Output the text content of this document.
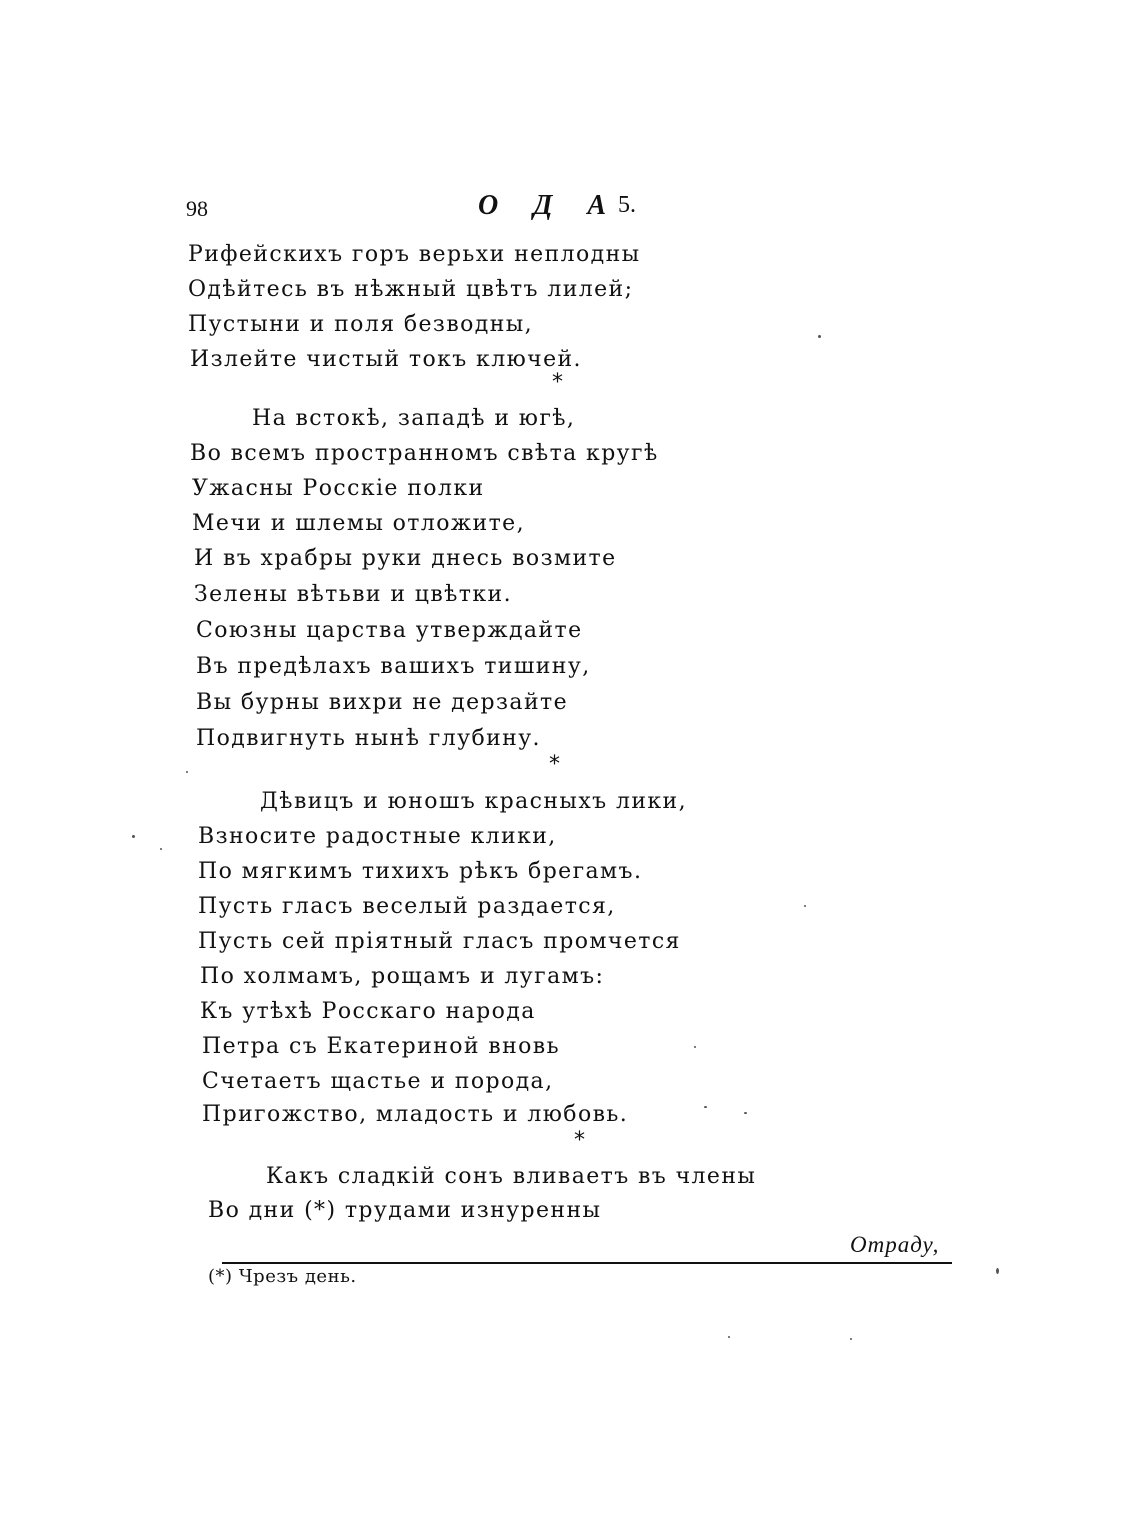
98	О Д А
5.
Рифейскихъ горъ верьхи неплодны
Одѣйтесь въ нѣжный цвѣтъ лилей;
Пустыни и поля безводны,
Излейте чистый токъ ключей.
*
На встокѣ, западѣ и югѣ,
Во всемъ пространномъ свѣта кругѣ
Ужасны Росскiе полки
Мечи и шлемы отложите,
И въ храбры руки днесь возмите
Зелены вѣтьви и цвѣтки.
Союзны царства утверждайте
Въ предѣлахъ вашихъ тишину,
Вы бурны вихри не дерзайте
Подвигнуть нынѣ глубину.
*
Дѣвицъ и юношъ красныхъ лики,
Взносите радостные клики,
По мягкимъ тихихъ рѣкъ брегамъ.
Пусть гласъ веселый раздается,
Пусть сей прiятный гласъ промчется
По холмамъ, рощамъ и лугамъ:
Къ утѣхѣ Росскаго народа
Петра съ Екатериной вновь
Счетаетъ щастье и порода,
Пригожство, младость и любовь.
*
Какъ сладкiй сонъ вливаетъ въ члены
Во дни (*) трудами изнуренны
Отраду,
(*) Чрезъ день.
